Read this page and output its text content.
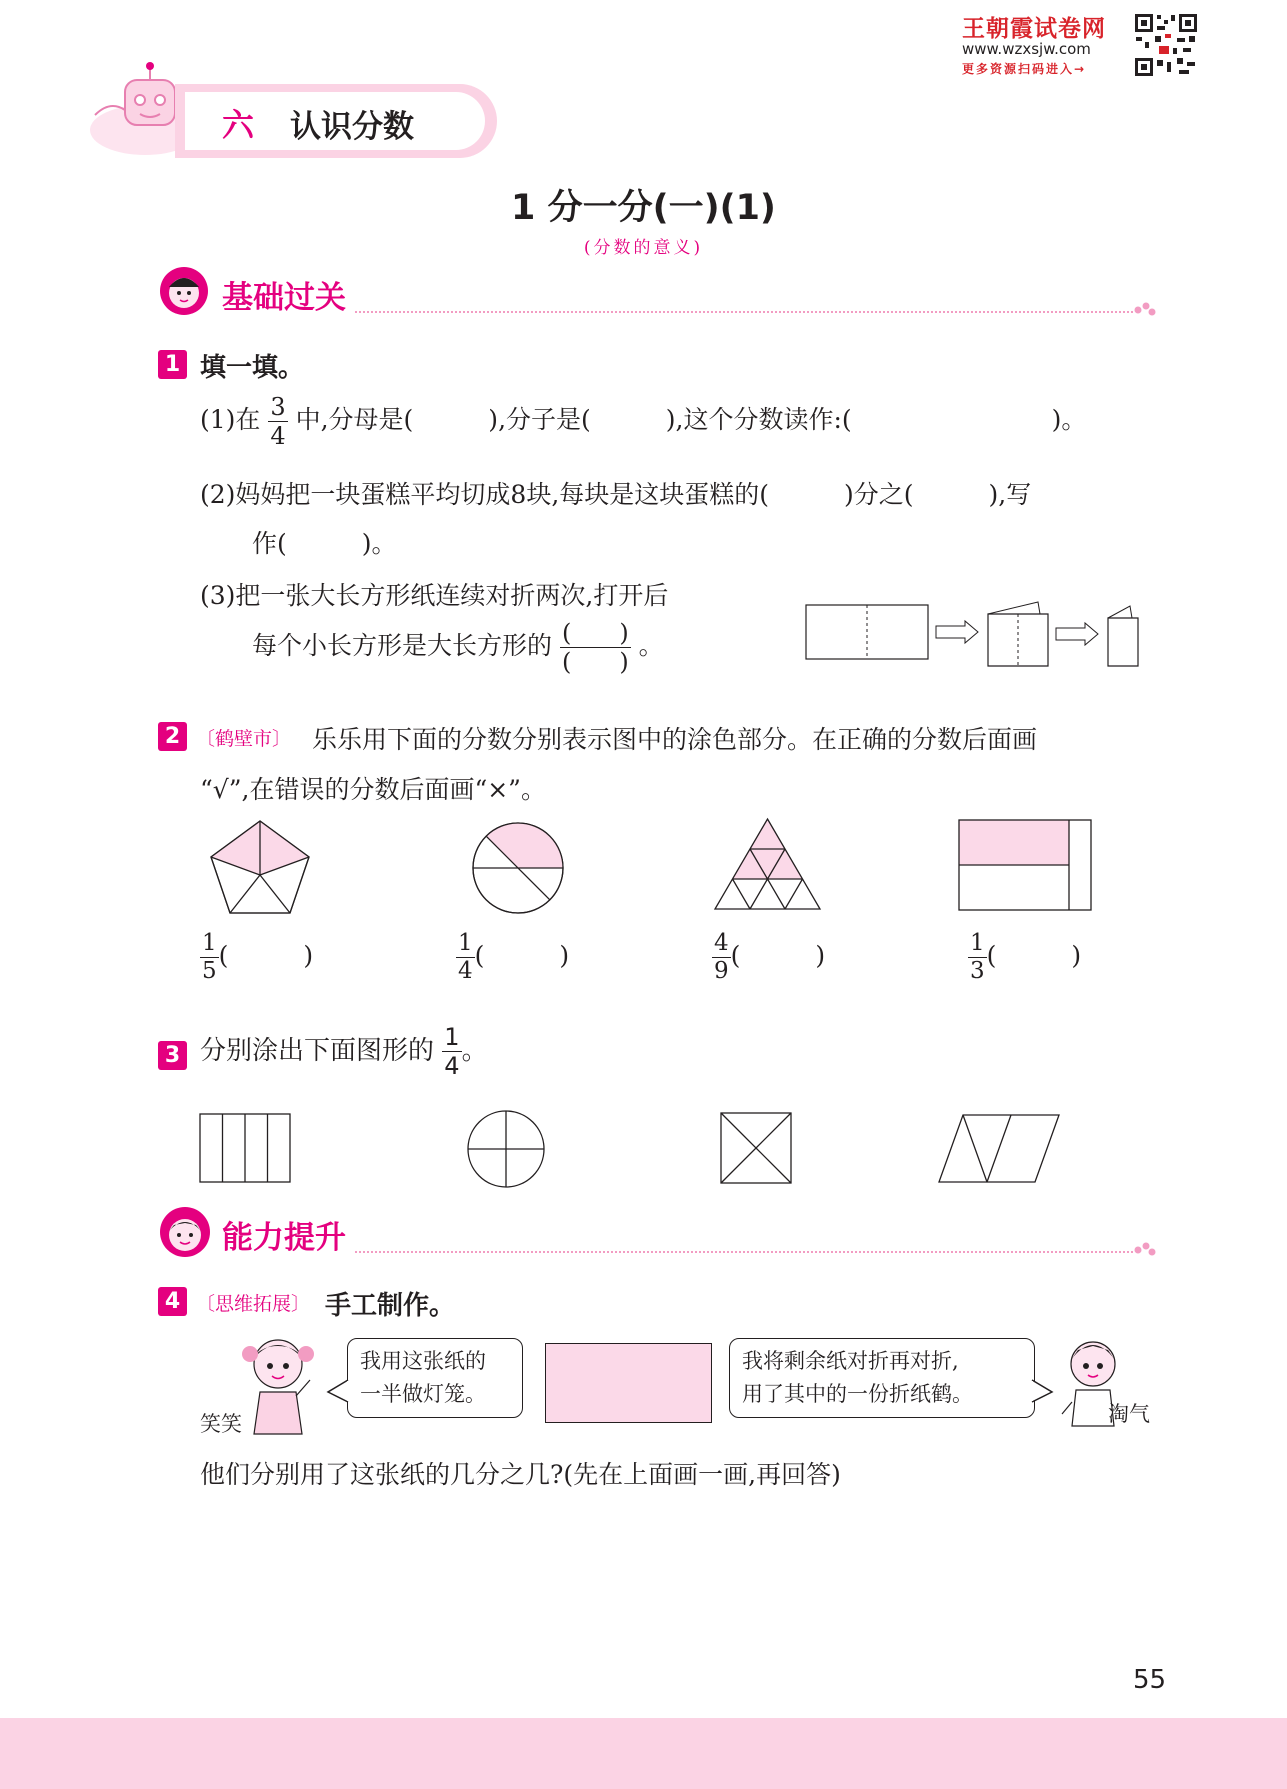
王朝霞试卷网
www.wzxsjw.com
更多资源扫码进入→
六 认识分数
1 分一分(一)(1)
(分数的意义)
基础过关
1 填一填。
(1)在 $\frac{3}{4}$ 中,分母是(　　　),分子是(　　　),这个分数读作:(　　　　　　　　)。
(2)妈妈把一块蛋糕平均切成8块,每块是这块蛋糕的(　　　)分之(　　　),写
作(　　　)。
(3)把一张大长方形纸连续对折两次,打开后
每个小长方形是大长方形的 $\frac{( )}{( )}$ 。
2 〔鹤壁市〕 乐乐用下面的分数分别表示图中的涂色部分。在正确的分数后面画
“√”,在错误的分数后面画“×”。
$\frac{1}{5}$ (　　　)	$\frac{1}{4}$ (　　　)	$\frac{4}{9}$ (　　　)	$\frac{1}{3}$ (　　　)
3 分别涂出下面图形的 $\frac{1}{4}$ 。
能力提升
4 〔思维拓展〕 手工制作。
笑笑
我用这张纸的
一半做灯笼。
我将剩余纸对折再对折,
用了其中的一份折纸鹤。
淘气
他们分别用了这张纸的几分之几?(先在上面画一画,再回答)
55
